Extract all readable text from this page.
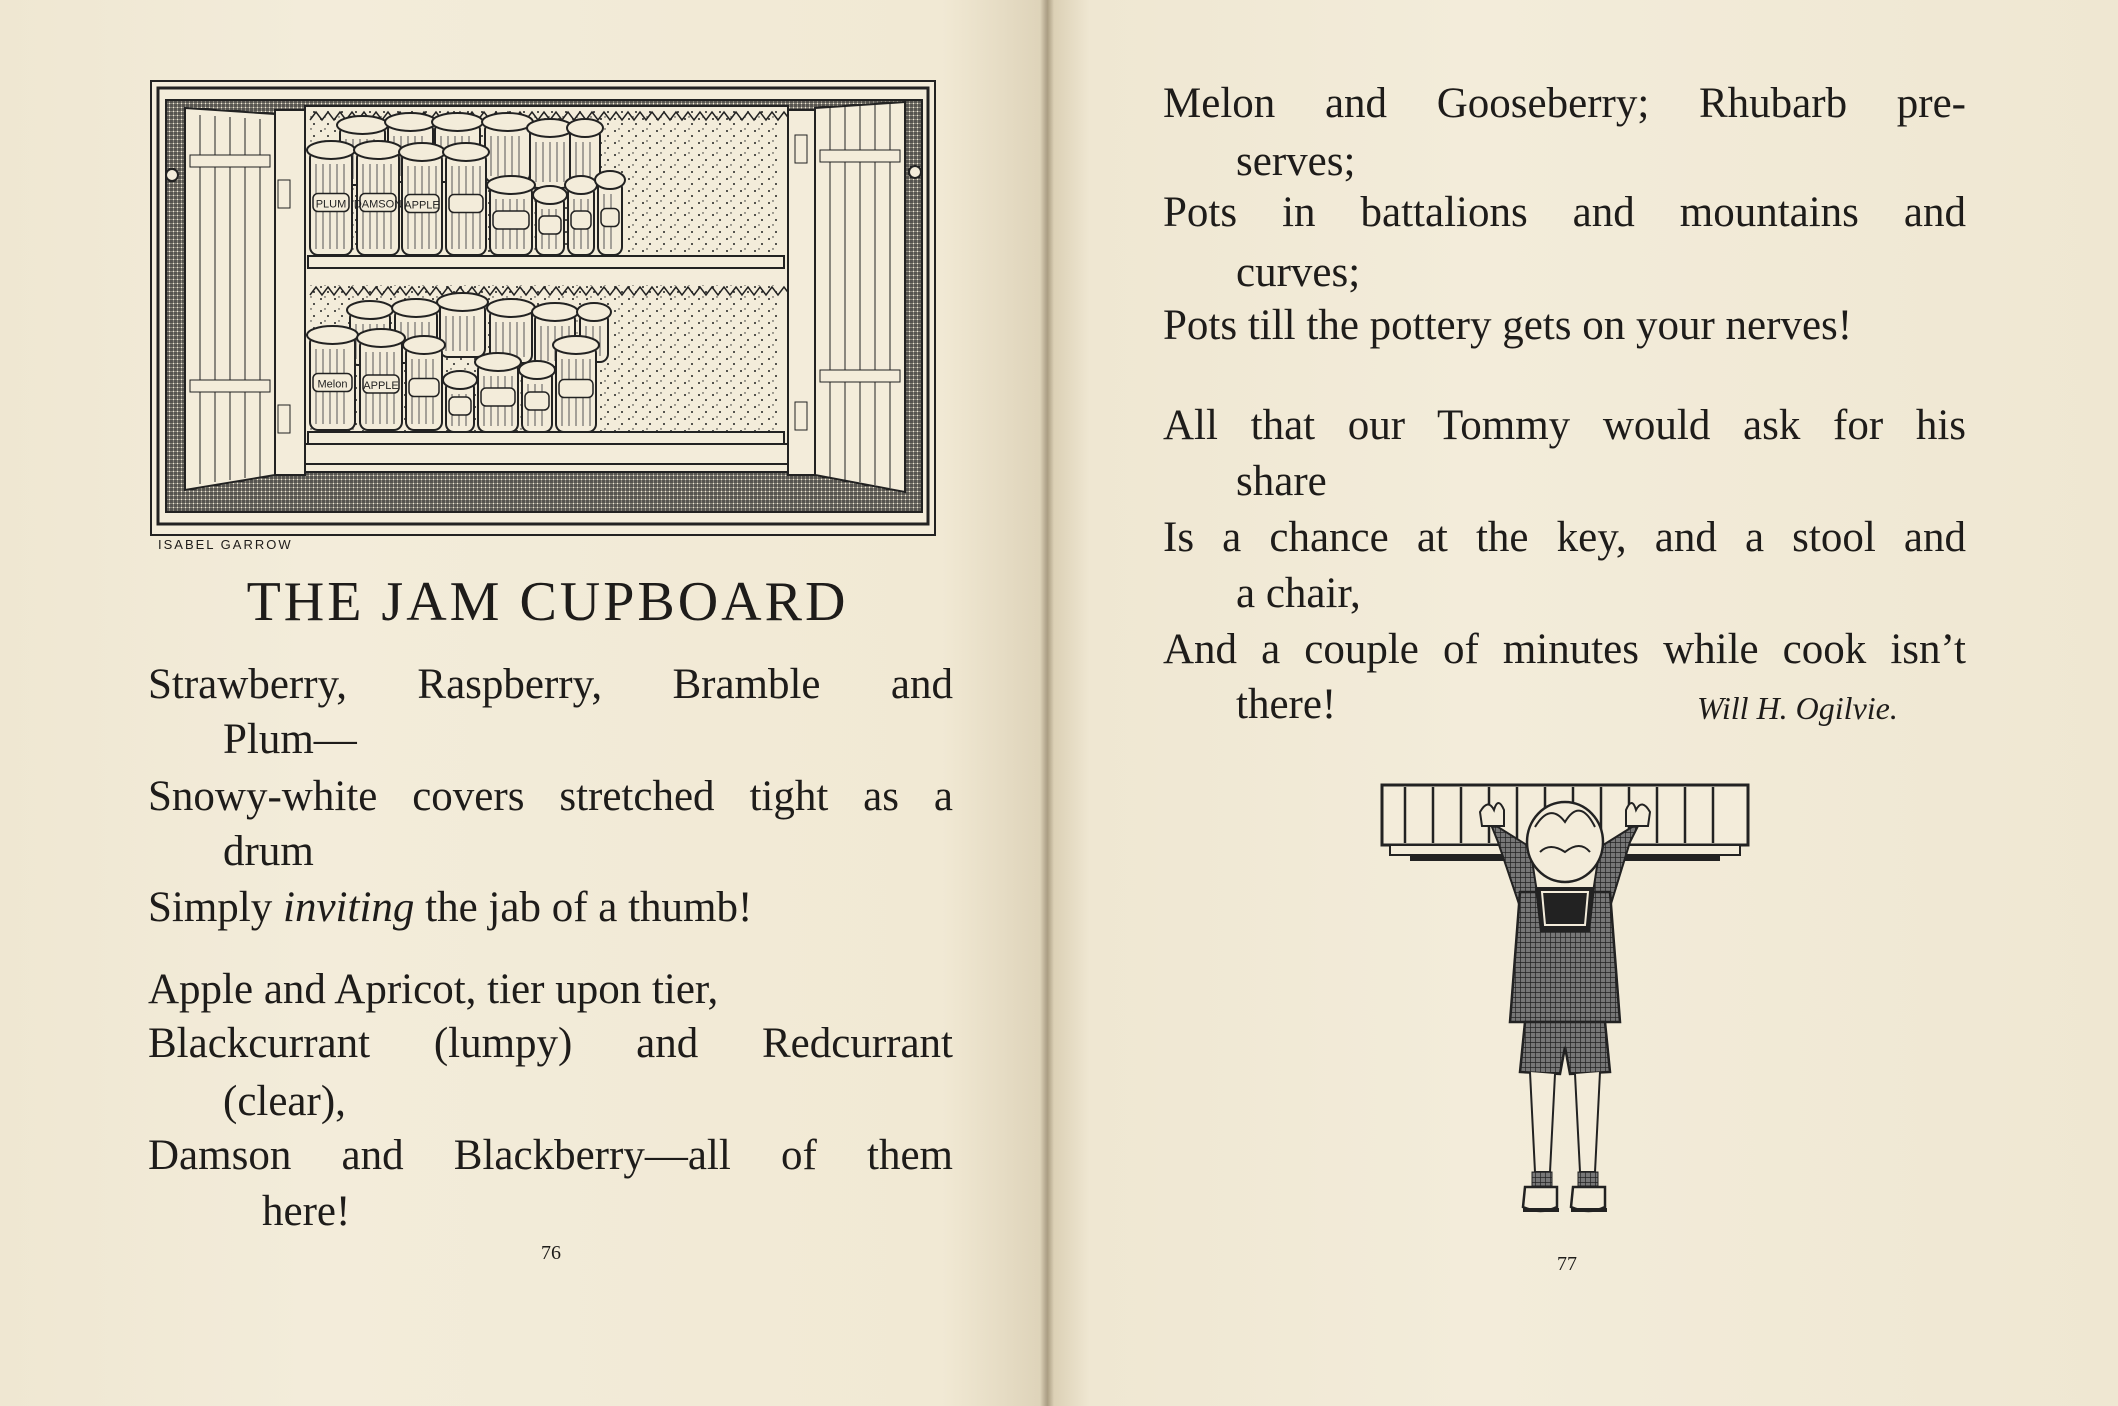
PLUM DAMSON APPLE
Melon APPLE
ISABEL GARROW
THE JAM CUPBOARD
Strawberry, Raspberry, Bramble and
Plum—
Snowy-white covers stretched tight as a
drum
Simply inviting the jab of a thumb!
Apple and Apricot, tier upon tier,
Blackcurrant (lumpy) and Redcurrant
(clear),
Damson and Blackberry—all of them
here!
76
Melon and Gooseberry; Rhubarb pre-
serves;
Pots in battalions and mountains and
curves;
Pots till the pottery gets on your nerves!
All that our Tommy would ask for his
share
Is a chance at the key, and a stool and
a chair,
And a couple of minutes while cook isn’t
there!	Will H. Ogilvie.
77
